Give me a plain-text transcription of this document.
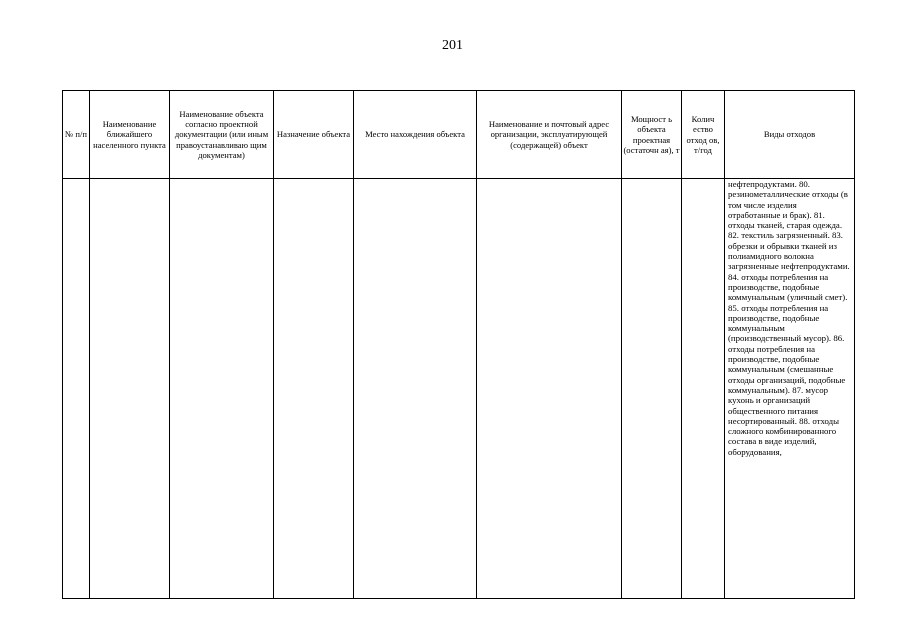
201
№ п/п	Наименование ближайшего населенного пункта	Наименование объекта согласно проектной документации (или иным правоустанавливаю щим документам)	Назначение объекта	Место нахождения объекта	Наименование и почтовый адрес организации, эксплуатирующей (содержащей) объект	Мощност ь объекта проектная (остаточн ая), т	Колич ество отход ов, т/год	Виды отходов

								нефтепродуктами. 80. резинометаллические отходы (в том числе изделия отработанные и брак). 81. отходы тканей, старая одежда. 82. текстиль загрязненный. 83. обрезки и обрывки тканей из полиамидного волокна загрязненные нефтепродуктами. 84. отходы потребления на производстве, подобные коммунальным (уличный смет). 85. отходы потребления на производстве, подобные коммунальным (производственный мусор). 86. отходы потребления на производстве, подобные коммунальным (смешанные отходы организаций, подобные коммунальным). 87. мусор кухонь и организаций общественного питания несортированный. 88. отходы сложного комбинированного состава в виде изделий, оборудования,
